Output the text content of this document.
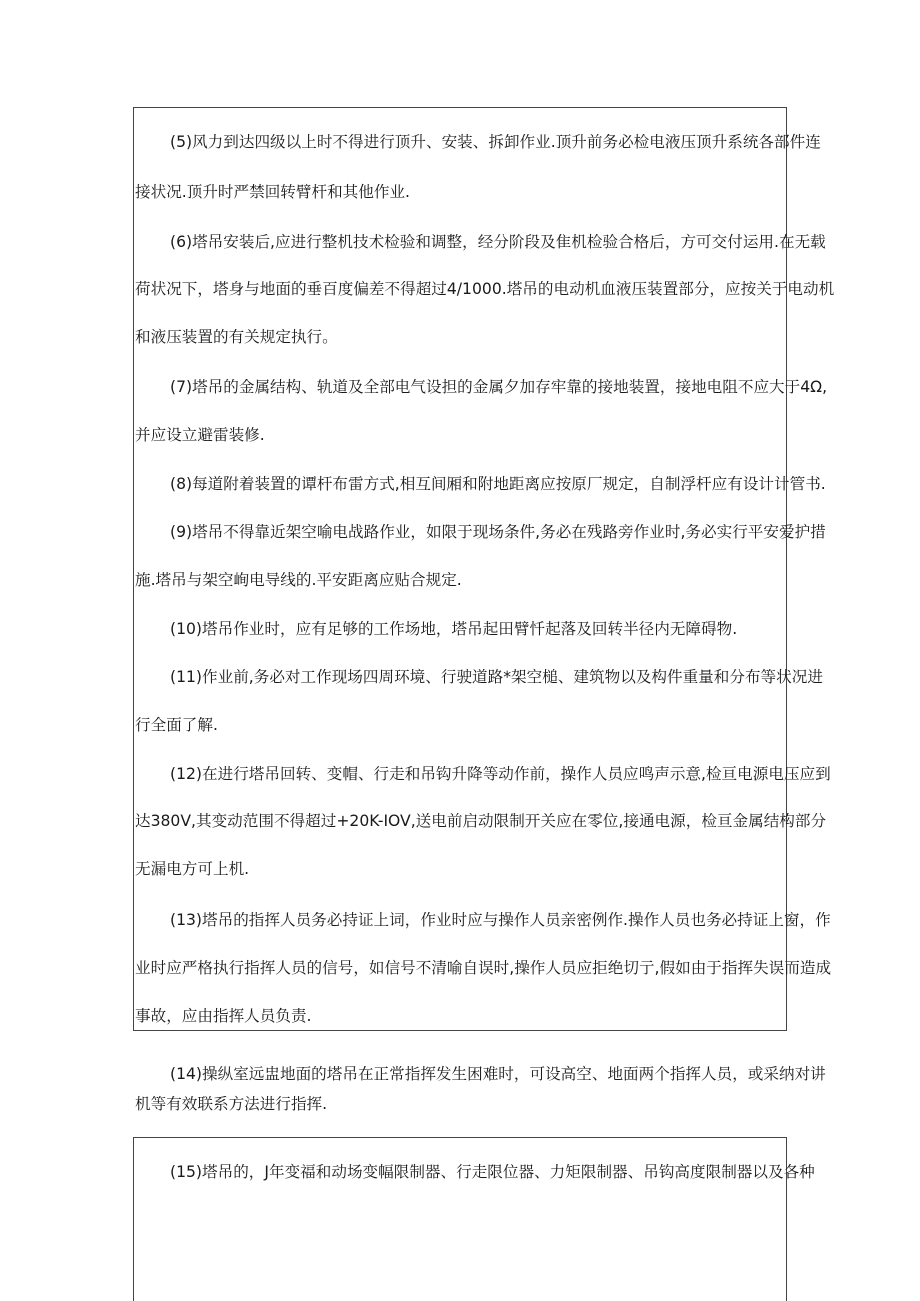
(5)风力到达四级以上时不得进行顶升、安装、拆卸作业.顶升前务必检电液压顶升系统各部件连
接状况.顶升时严禁回转臂杆和其他作业.
(6)塔吊安装后,应进行整机技术检验和调整，经分阶段及隹机检验合格后，方可交付运用.在无载
荷状况下，塔身与地面的垂百度偏差不得超过4/1000.塔吊的电动机血液压装置部分，应按关于电动机
和液压装置的有关规定执行。
(7)塔吊的金属结构、轨道及全部电气设担的金属夕加存牢靠的接地装置，接地电阻不应大于4Ω,
并应设立避雷装修.
(8)每道附着装置的谭杆布雷方式,相互间厢和附地距离应按原厂规定，自制浮杆应有设计计管书.
(9)塔吊不得靠近架空喻电战路作业，如限于现场条件,务必在残路旁作业时,务必实行平安爱护措
施.塔吊与架空峋电导线的.平安距离应贴合规定.
(10)塔吊作业时，应有足够的工作场地，塔吊起田臂忏起落及回转半径内无障碍物.
(11)作业前,务必对工作现场四周环境、行驶道路*架空槌、建筑物以及构件重量和分布等状况进
行全面了解.
(12)在进行塔吊回转、变帽、行走和吊钩升降等动作前，操作人员应鸣声示意,检亘电源电压应到
达380V,其变动范围不得超过+20K-IOV,送电前启动限制开关应在零位,接通电源，检亘金属结构部分
无漏电方可上机.
(13)塔吊的指挥人员务必持证上词，作业时应与操作人员亲密例作.操作人员也务必持证上窗，作
业时应严格执行指挥人员的信号，如信号不清喻自误时,操作人员应拒绝切亍,假如由于指挥失误而造成
事故，应由指挥人员负责.
(14)操纵室远盅地面的塔吊在正常指挥发生困难时，可设高空、地面两个指挥人员，或采纳对讲
机等有效联系方法进行指挥.
(15)塔吊的，J年变福和动场变幅限制器、行走限位器、力矩限制器、吊钩高度限制器以及各种
